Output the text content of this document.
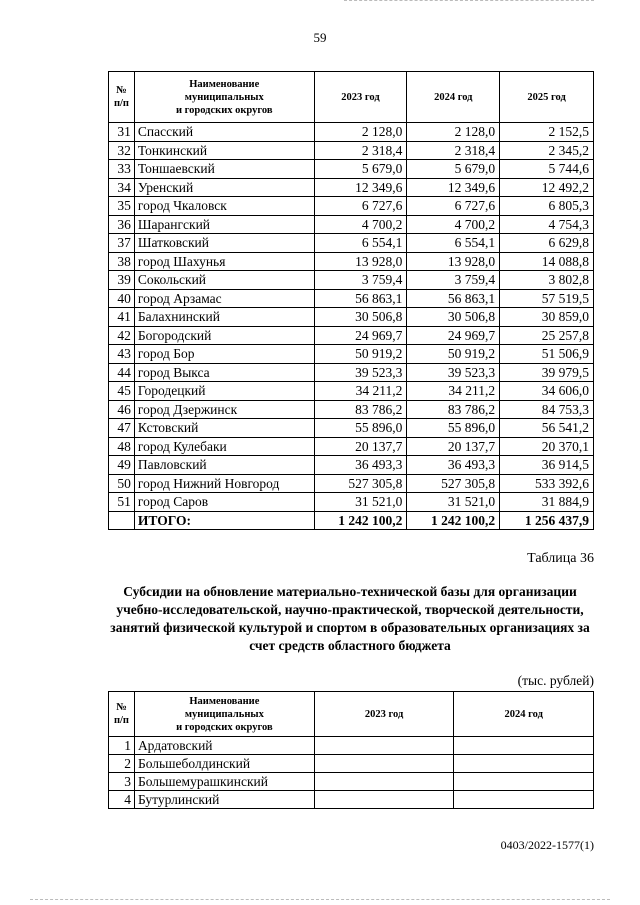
59
№
п/п	Наименование
муниципальных
и городских округов	2023 год	2024 год	2025 год
31	Спасский	2 128,0	2 128,0	2 152,5
32	Тонкинский	2 318,4	2 318,4	2 345,2
33	Тоншаевский	5 679,0	5 679,0	5 744,6
34	Уренский	12 349,6	12 349,6	12 492,2
35	город Чкаловск	6 727,6	6 727,6	6 805,3
36	Шарангский	4 700,2	4 700,2	4 754,3
37	Шатковский	6 554,1	6 554,1	6 629,8
38	город Шахунья	13 928,0	13 928,0	14 088,8
39	Сокольский	3 759,4	3 759,4	3 802,8
40	город Арзамас	56 863,1	56 863,1	57 519,5
41	Балахнинский	30 506,8	30 506,8	30 859,0
42	Богородский	24 969,7	24 969,7	25 257,8
43	город Бор	50 919,2	50 919,2	51 506,9
44	город Выкса	39 523,3	39 523,3	39 979,5
45	Городецкий	34 211,2	34 211,2	34 606,0
46	город Дзержинск	83 786,2	83 786,2	84 753,3
47	Кстовский	55 896,0	55 896,0	56 541,2
48	город Кулебаки	20 137,7	20 137,7	20 370,1
49	Павловский	36 493,3	36 493,3	36 914,5
50	город Нижний Новгород	527 305,8	527 305,8	533 392,6
51	город Саров	31 521,0	31 521,0	31 884,9
	ИТОГО:	1 242 100,2	1 242 100,2	1 256 437,9
Таблица 36
Субсидии на обновление материально-технической базы для организации учебно-исследовательской, научно-практической, творческой деятельности, занятий физической культурой и спортом в образовательных организациях за счет средств областного бюджета
(тыс. рублей)
№
п/п	Наименование
муниципальных
и городских округов	2023 год	2024 год
1	Ардатовский		
2	Большеболдинский		
3	Большемурашкинский		
4	Бутурлинский		
0403/2022-1577(1)
